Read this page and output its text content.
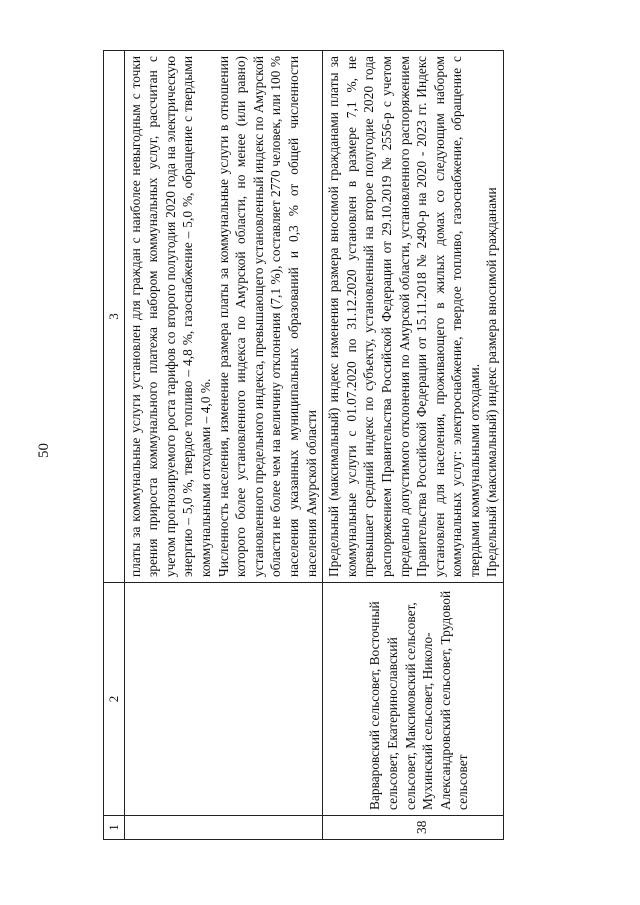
50
1	2	3

		платы за коммунальные услуги установлен для граждан с наиболее невыгодным с точки зрения прироста коммунального платежа набором коммунальных услуг, рассчитан с учетом прогнозируемого роста тарифов со второго полугодия 2020 года на электрическую энергию – 5,0 %, твердое топливо – 4,8 %, газоснабжение – 5,0 %, обращение с твердыми коммунальными отходами – 4,0 %. Численность населения, изменение размера платы за коммунальные услуги в отношении которого более установленного индекса по Амурской области, но менее (или равно) установленного предельного индекса, превышающего установленный индекс по Амурской области не более чем на величину отклонения (7,1 %), составляет 2770 человек, или 100 % населения указанных муниципальных образований и 0,3 % от общей численности населения Амурской области

38	Варваровский сельсовет, Восточный сельсовет, Екатеринославский сельсовет, Максимовский сельсовет, Мухинский сельсовет, Николо-Александровский сельсовет, Трудовой сельсовет	Предельный (максимальный) индекс изменения размера вносимой гражданами платы за коммунальные услуги с 01.07.2020 по 31.12.2020 установлен в размере 7,1 %, не превышает средний индекс по субъекту, установленный на второе полугодие 2020 года распоряжением Правительства Российской Федерации от 29.10.2019 № 2556-р с учетом предельно допустимого отклонения по Амурской области, установленного распоряжением Правительства Российской Федерации от 15.11.2018 № 2490-р на 2020 - 2023 гг. Индекс установлен для населения, проживающего в жилых домах со следующим набором коммунальных услуг: электроснабжение, твердое топливо, газоснабжение, обращение с твердыми коммунальными отходами. Предельный (максимальный) индекс размера вносимой гражданами
